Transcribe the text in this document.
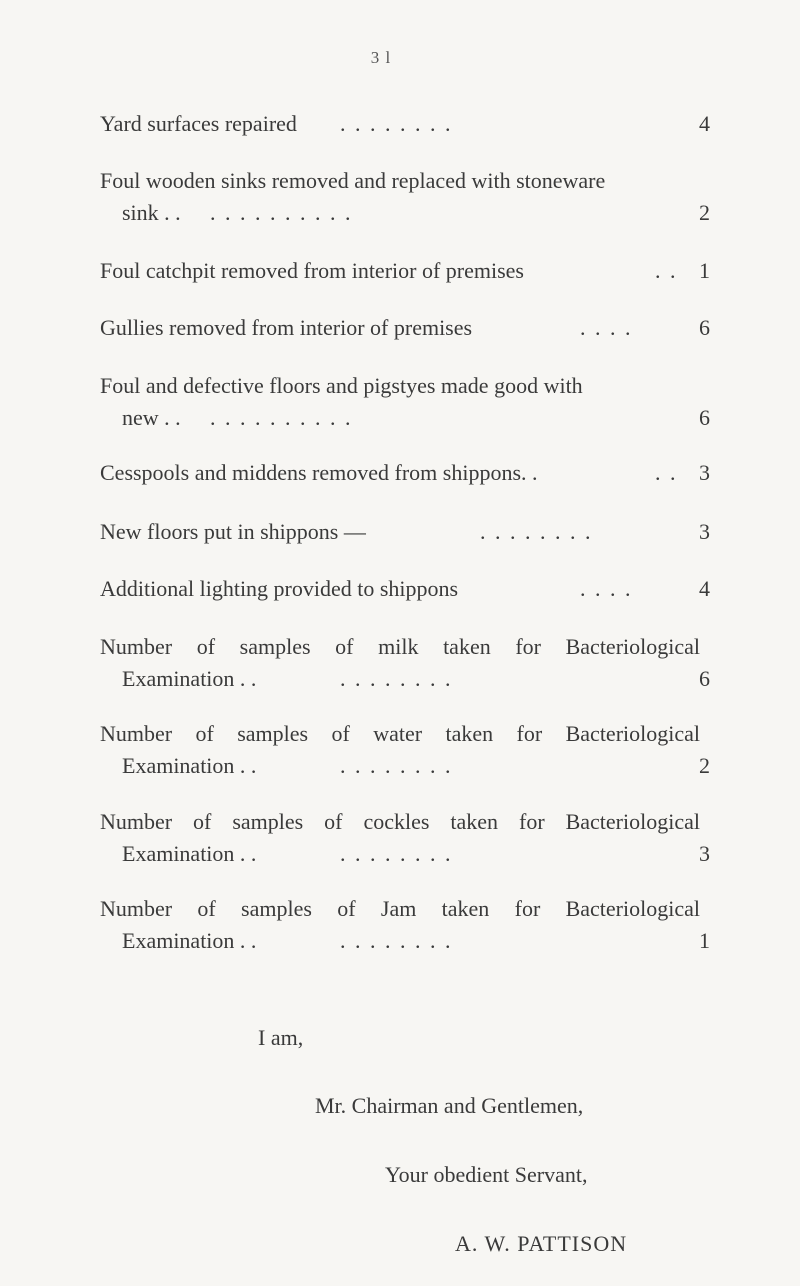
3 l
Yard surfaces repaired . . . . . . . .	4
Foul wooden sinks removed and replaced with stoneware
sink . . . . . . . . . . . .	2
Foul catchpit removed from interior of premises	. . 1
Gullies removed from interior of premises	. . . .	6
Foul and defective floors and pigstyes made good with
new . . . . . . . . . . . .	6
Cesspools and middens removed from shippons. .	. . 3
New floors put in shippons —	. . . . . . . .	3
Additional lighting provided to shippons	. . . .	4
Number of samples of milk taken for Bacteriological
Examination . .	. . . . . . . .	6
Number of samples of water taken for Bacteriological
Examination . .	. . . . . . . .	2
Number of samples of cockles taken for Bacteriological
Examination . .	. . . . . . . .	3
Number of samples of Jam taken for Bacteriological
Examination . .	. . . . . . . .	1
I am,
Mr. Chairman and Gentlemen,
Your obedient Servant,
A. W. PATTISON
